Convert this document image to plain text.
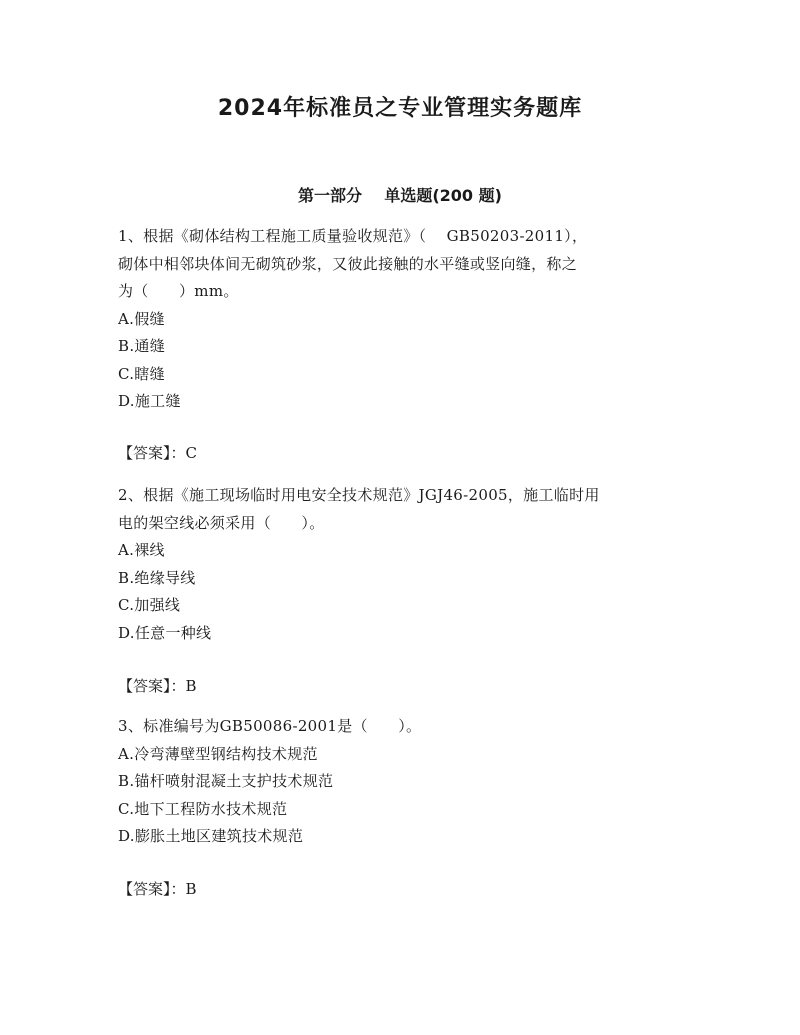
2024年标准员之专业管理实务题库
第一部分    单选题(200 题)
1、根据《砌体结构工程施工质量验收规范》（    GB50203-2011），
砌体中相邻块体间无砌筑砂浆，又彼此接触的水平缝或竖向缝，称之
为（      ）mm。
A.假缝
B.通缝
C.瞎缝
D.施工缝
【答案】：C
2、根据《施工现场临时用电安全技术规范》JGJ46-2005，施工临时用
电的架空线必须采用（      ）。
A.裸线
B.绝缘导线
C.加强线
D.任意一种线
【答案】：B
3、标准编号为GB50086-2001是（      ）。
A.冷弯薄壁型钢结构技术规范
B.锚杆喷射混凝土支护技术规范
C.地下工程防水技术规范
D.膨胀土地区建筑技术规范
【答案】：B
